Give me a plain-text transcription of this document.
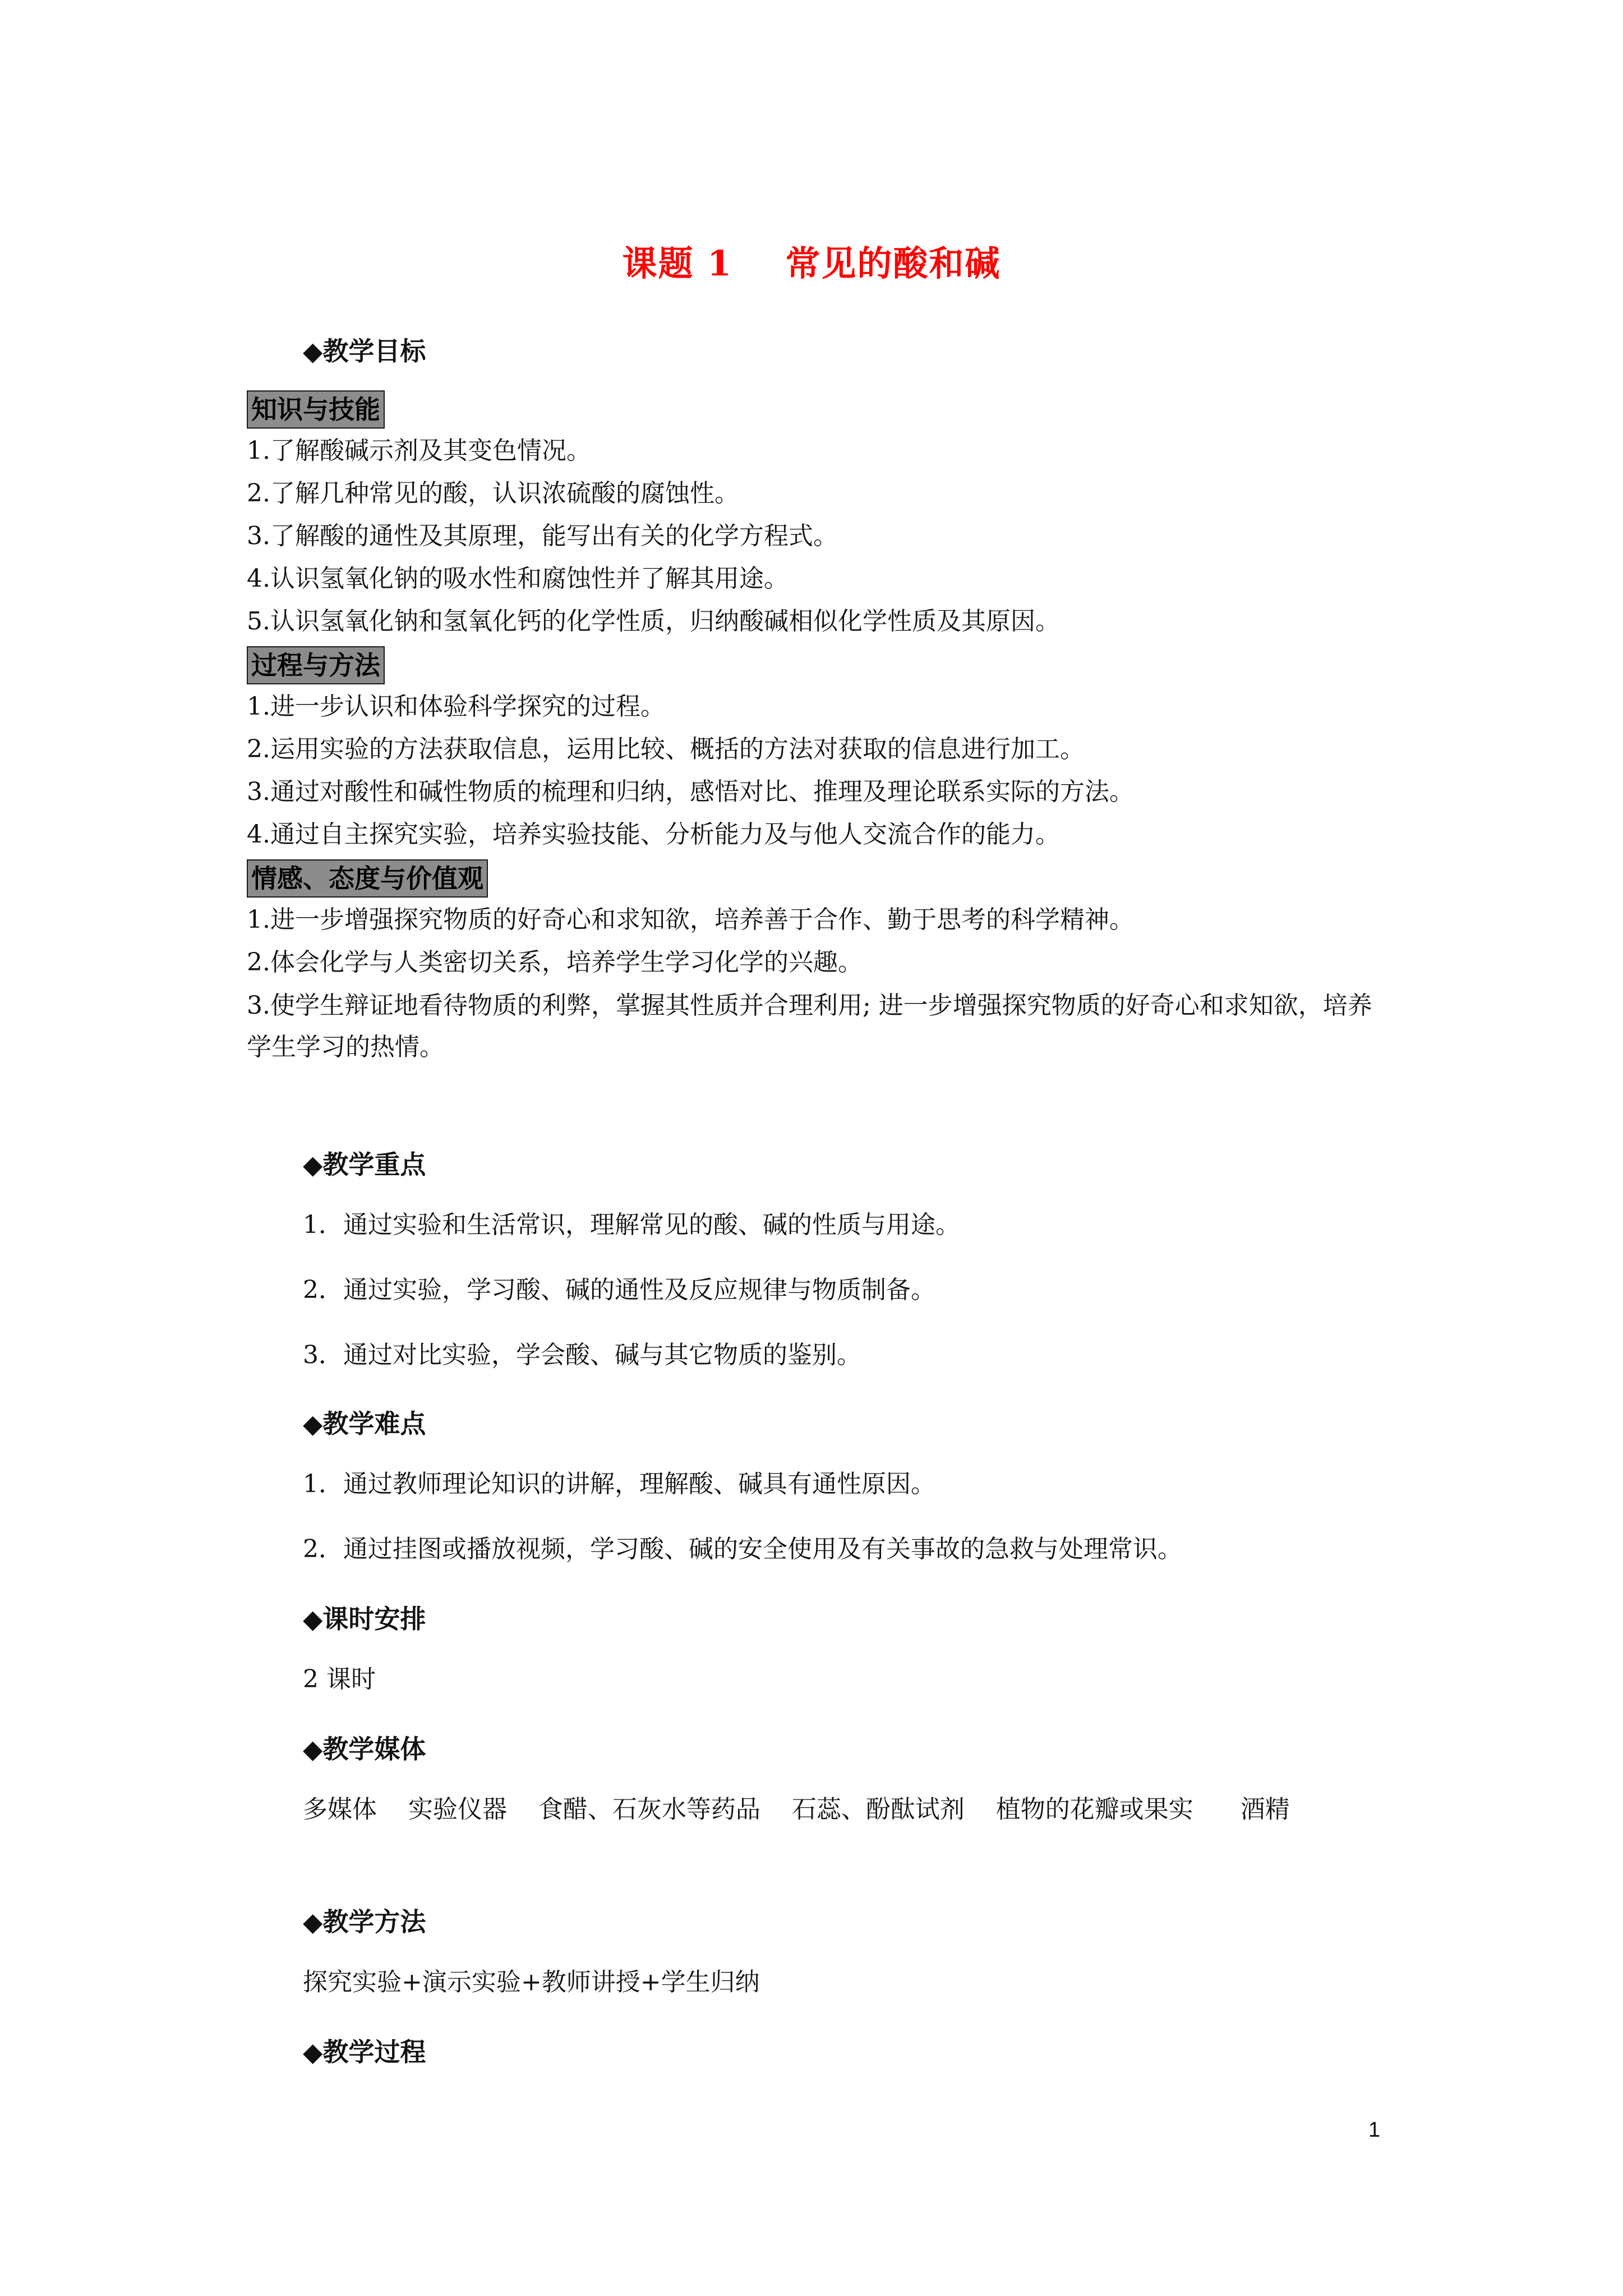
课题 1    常见的酸和碱
◆教学目标
知识与技能
1.了解酸碱示剂及其变色情况。
2.了解几种常见的酸，认识浓硫酸的腐蚀性。
3.了解酸的通性及其原理，能写出有关的化学方程式。
4.认识氢氧化钠的吸水性和腐蚀性并了解其用途。
5.认识氢氧化钠和氢氧化钙的化学性质，归纳酸碱相似化学性质及其原因。
过程与方法
1.进一步认识和体验科学探究的过程。
2.运用实验的方法获取信息，运用比较、概括的方法对获取的信息进行加工。
3.通过对酸性和碱性物质的梳理和归纳，感悟对比、推理及理论联系实际的方法。
4.通过自主探究实验，培养实验技能、分析能力及与他人交流合作的能力。
情感、态度与价值观
1.进一步增强探究物质的好奇心和求知欲，培养善于合作、勤于思考的科学精神。
2.体会化学与人类密切关系，培养学生学习化学的兴趣。
3.使学生辩证地看待物质的利弊，掌握其性质并合理利用; 进一步增强探究物质的好奇心和求知欲，培养学生学习的热情。
◆教学重点
1．通过实验和生活常识，理解常见的酸、碱的性质与用途。
2．通过实验，学习酸、碱的通性及反应规律与物质制备。
3．通过对比实验，学会酸、碱与其它物质的鉴别。
◆教学难点
1．通过教师理论知识的讲解，理解酸、碱具有通性原因。
2．通过挂图或播放视频，学习酸、碱的安全使用及有关事故的急救与处理常识。
◆课时安排
2 课时
◆教学媒体
多媒体    实验仪器    食醋、石灰水等药品    石蕊、酚酞试剂    植物的花瓣或果实      酒精
◆教学方法
探究实验+演示实验+教师讲授+学生归纳
◆教学过程
1
